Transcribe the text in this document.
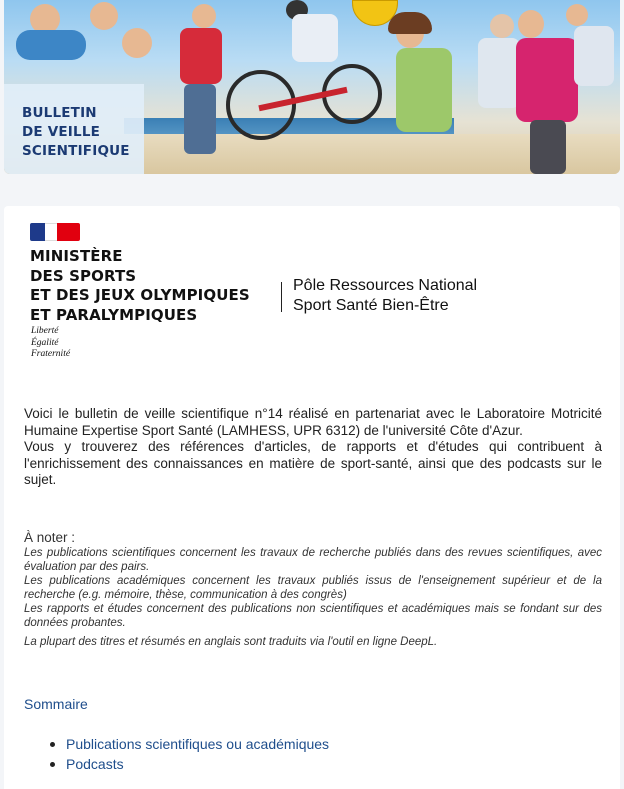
BULLETIN
DE VEILLE
SCIENTIFIQUE
MINISTÈRE
DES SPORTS
ET DES JEUX OLYMPIQUES
ET PARALYMPIQUES
Liberté
Égalité
Fraternité
Pôle Ressources National
Sport Santé Bien-Être

Voici le bulletin de veille scientifique n°14 réalisé en partenariat avec le Laboratoire Motricité Humaine Expertise Sport Santé (LAMHESS, UPR 6312) de l'université Côte d'Azur.

Vous y trouverez des références d'articles, de rapports et d'études qui contribuent à l'enrichissement des connaissances en matière de sport-santé, ainsi que des podcasts sur le sujet.

À noter :

Les publications scientifiques concernent les travaux de recherche publiés dans des revues scientifiques, avec évaluation par des pairs.

Les publications académiques concernent les travaux publiés issus de l'enseignement supérieur et de la recherche (e.g. mémoire, thèse, communication à des congrès)

Les rapports et études concernent des publications non scientifiques et académiques mais se fondant sur des données probantes.

La plupart des titres et résumés en anglais sont traduits via l'outil en ligne DeepL.

Sommaire
Publications scientifiques ou académiques
Podcasts
